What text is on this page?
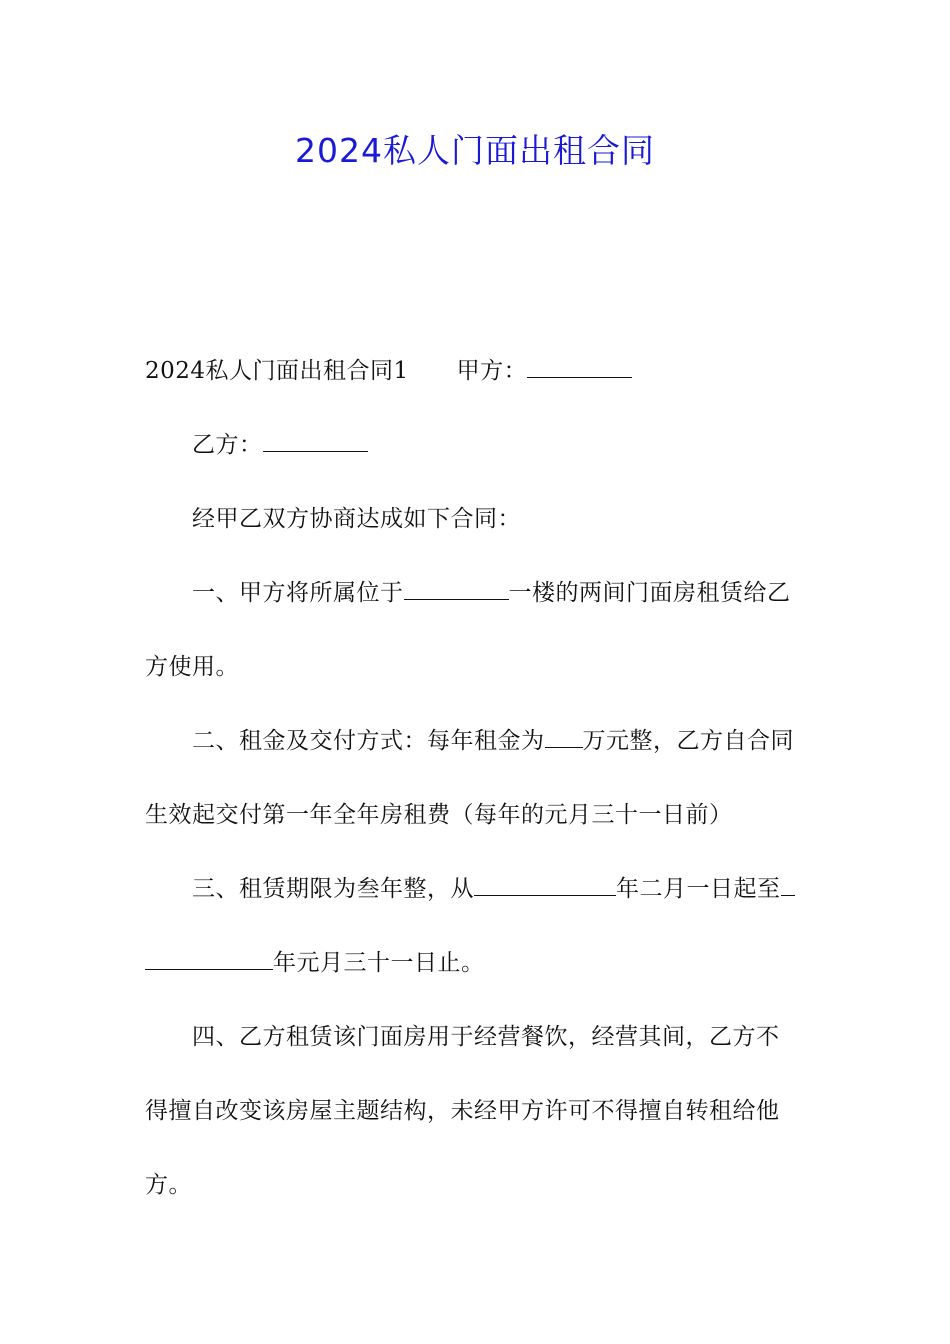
2024私人门面出租合同

2024私人门面出租合同1 甲方：

乙方：

经甲乙双方协商达成如下合同：

一、甲方将所属位于	一楼的两间门面房租赁给乙
方使用。

二、租金及交付方式：每年租金为 万元整，乙方自合同
生效起交付第一年全年房租费（每年的元月三十一日前）

三、租赁期限为叁年整，从	年二月一日起至
年元月三十一日止。

四、乙方租赁该门面房用于经营餐饮，经营其间，乙方不
得擅自改变该房屋主题结构，未经甲方许可不得擅自转租给他
方。
